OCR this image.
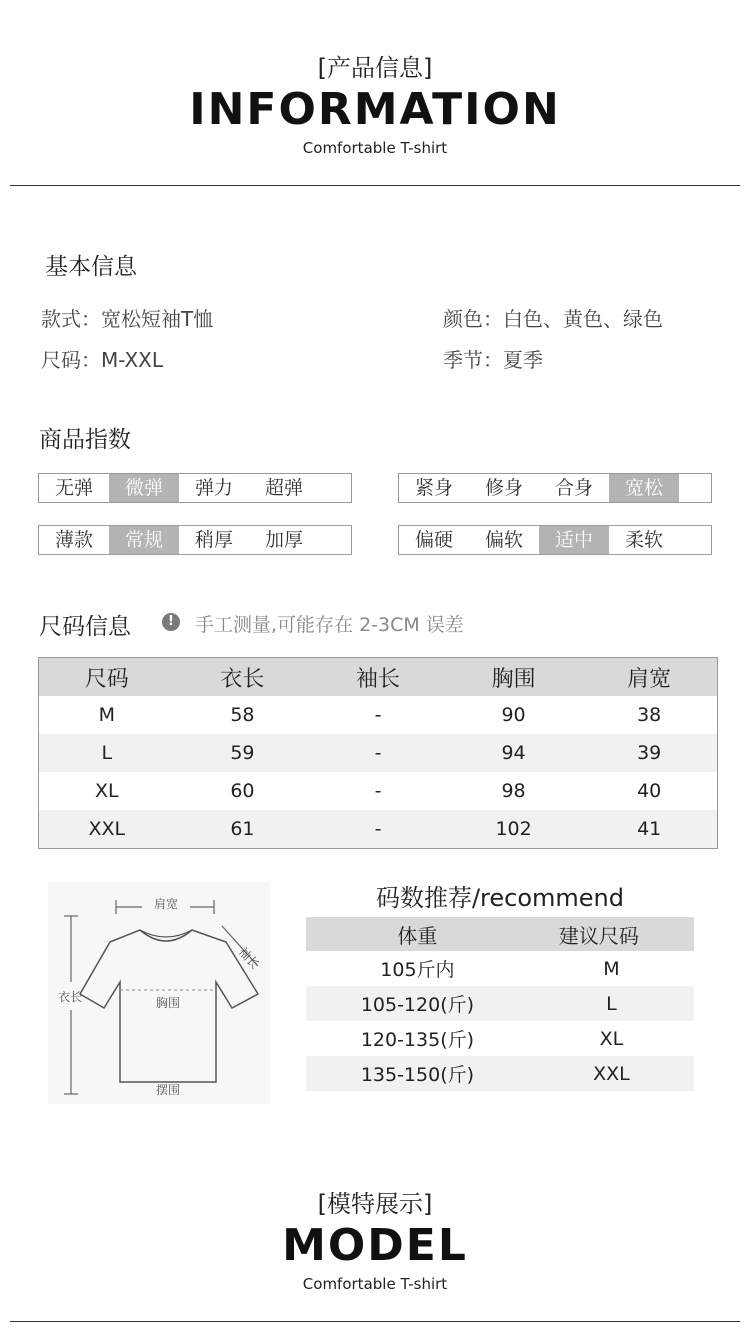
[产品信息]
INFORMATION
Comfortable T-shirt
基本信息
款式：宽松短袖T恤	颜色：白色、黄色、绿色
尺码：M-XXL	季节：夏季
商品指数
无弹	微弹	弹力	超弹	紧身	修身	合身	宽松
薄款	常规	稍厚	加厚	偏硬	偏软	适中	柔软
尺码信息	!	手工测量,可能存在 2-3CM 误差
尺码	衣长	袖长	胸围	肩宽
M	58	-	90	38
L	59	-	94	39
XL	60	-	98	40
XXL	61	-	102	41
肩宽
袖长
衣长	胸围
摆围
码数推荐/recommend
体重	建议尺码
105斤内	M
105-120(斤)	L
120-135(斤)	XL
135-150(斤)	XXL
[模特展示]
MODEL
Comfortable T-shirt
